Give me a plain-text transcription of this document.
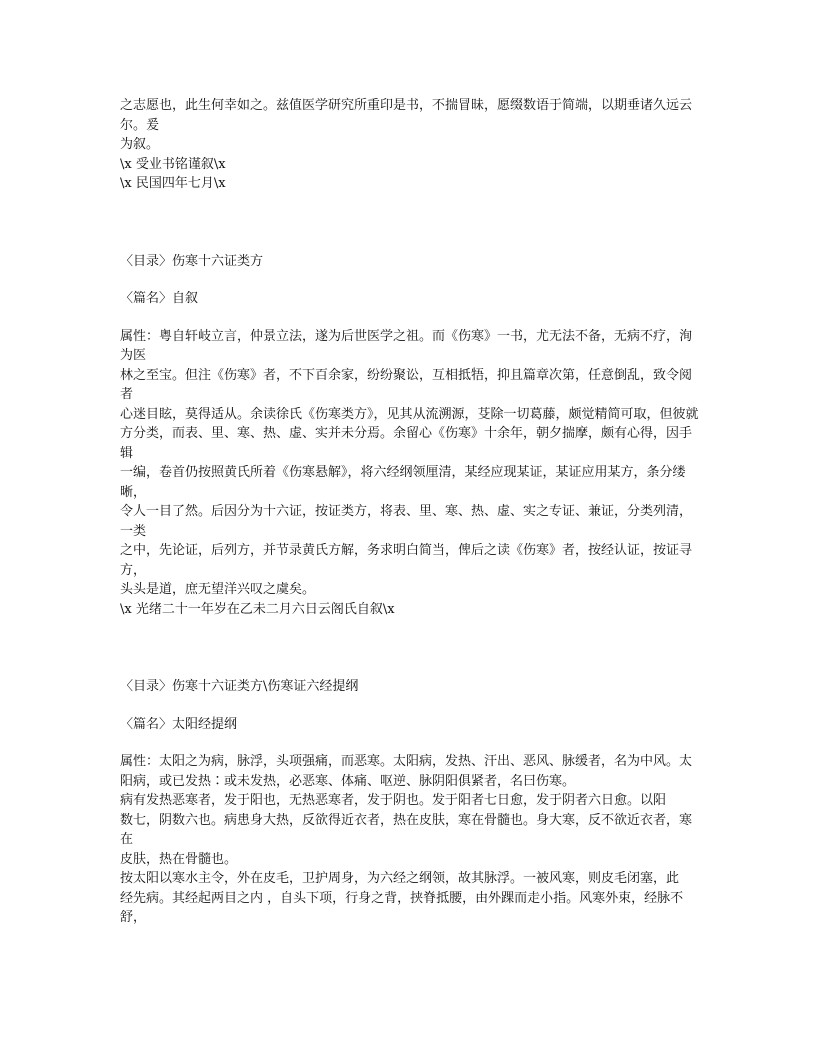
之志愿也，此生何幸如之。兹值医学研究所重印是书，不揣冒昧，愿缀数语于简端，以期垂诸久远云尔。爰

为叙。

\x 受业书铭谨叙\x

\x 民国四年七月\x

〈目录〉伤寒十六证类方

〈篇名〉自叙

属性：粤自轩岐立言，仲景立法，遂为后世医学之祖。而《伤寒》一书，尤无法不备，无病不疗，洵为医

林之至宝。但注《伤寒》者，不下百余家，纷纷聚讼，互相抵牾，抑且篇章次第，任意倒乱，致令阅者

心迷目眩，莫得适从。余读徐氏《伤寒类方》，见其从流溯源，芟除一切葛藤，颇觉精简可取，但彼就

方分类，而表、里、寒、热、虚、实并未分焉。余留心《伤寒》十余年，朝夕揣摩，颇有心得，因手辑

一编，卷首仍按照黄氏所着《伤寒悬解》，将六经纲领厘清，某经应现某证，某证应用某方，条分缕晰，

令人一目了然。后因分为十六证，按证类方，将表、里、寒、热、虚、实之专证、兼证，分类列清，一类

之中，先论证，后列方，并节录黄氏方解，务求明白简当，俾后之读《伤寒》者，按经认证，按证寻方，

头头是道，庶无望洋兴叹之虞矣。

\x 光绪二十一年岁在乙未二月六日云阁氏自叙\x

〈目录〉伤寒十六证类方\伤寒证六经提纲

〈篇名〉太阳经提纲

属性：太阳之为病，脉浮，头项强痛，而恶寒。太阳病，发热、汗出、恶风、脉缓者，名为中风。太

阳病，或已发热∶或未发热，必恶寒、体痛、呕逆、脉阴阳俱紧者，名曰伤寒。

病有发热恶寒者，发于阳也，无热恶寒者，发于阴也。发于阳者七日愈，发于阴者六日愈。以阳

数七，阴数六也。病患身大热，反欲得近衣者，热在皮肤，寒在骨髓也。身大寒，反不欲近衣者，寒在

皮肤，热在骨髓也。

按太阳以寒水主令，外在皮毛，卫护周身，为六经之纲领，故其脉浮。一被风寒，则皮毛闭塞，此

经先病。其经起两目之内 ，自头下项，行身之背，挟脊抵腰，由外踝而走小指。风寒外束，经脉不舒，
